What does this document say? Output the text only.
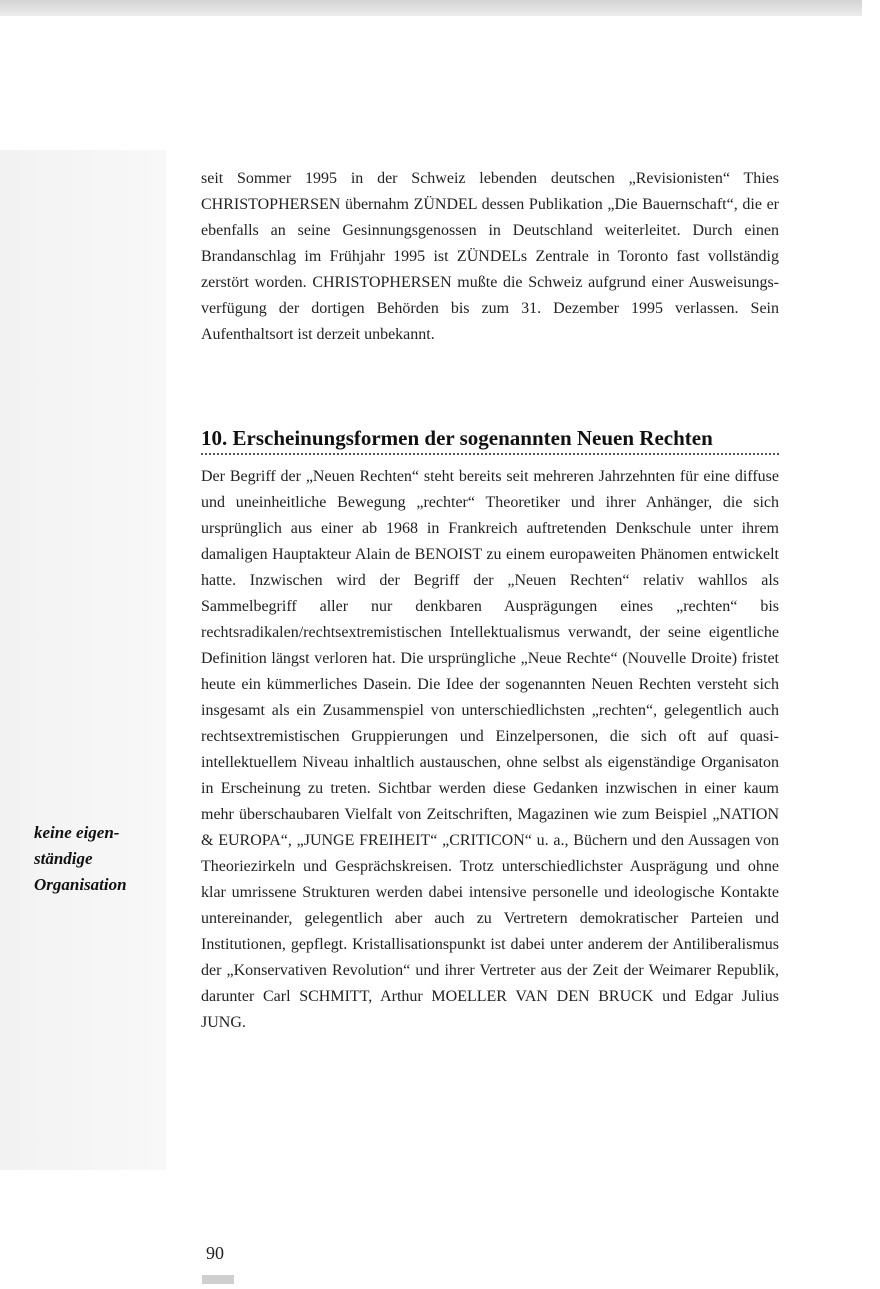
seit Sommer 1995 in der Schweiz lebenden deutschen „Revisionisten“ Thies CHRISTOPHERSEN übernahm ZÜNDEL dessen Publikation „Die Bauernschaft“, die er ebenfalls an seine Gesinnungsgenossen in Deutschland weiterleitet. Durch einen Brandanschlag im Frühjahr 1995 ist ZÜNDELs Zentrale in Toronto fast vollständig zerstört worden. CHRISTOPHERSEN mußte die Schweiz aufgrund einer Ausweisungsverfügung der dortigen Behörden bis zum 31. Dezember 1995 verlassen. Sein Aufenthaltsort ist derzeit unbekannt.

10. Erscheinungsformen der sogenannten Neuen Rechten

Der Begriff der „Neuen Rechten“ steht bereits seit mehreren Jahrzehnten für eine diffuse und uneinheitliche Bewegung „rechter“ Theoretiker und ihrer Anhänger, die sich ursprünglich aus einer ab 1968 in Frankreich auftretenden Denkschule unter ihrem damaligen Hauptakteur Alain de BENOIST zu einem europaweiten Phänomen entwickelt hatte. Inzwischen wird der Begriff der „Neuen Rechten“ relativ wahllos als Sammelbegriff aller nur denkbaren Ausprägungen eines „rechten“ bis rechtsradikalen/rechtsextremistischen Intellektualismus verwandt, der seine eigentliche Definition längst verloren hat. Die ursprüngliche „Neue Rechte“ (Nouvelle Droite) fristet heute ein kümmerliches Dasein. Die Idee der sogenannten Neuen Rechten versteht sich insgesamt als ein Zusammenspiel von unterschiedlichsten „rechten“, gelegentlich auch rechtsextremistischen Gruppierungen und Einzelpersonen, die sich oft auf quasi-intellektuellem Niveau inhaltlich austauschen, ohne selbst als eigenständige Organisaton in Erscheinung zu treten. Sichtbar werden diese Gedanken inzwischen in einer kaum mehr überschaubaren Vielfalt von Zeitschriften, Magazinen wie zum Beispiel „NATION & EUROPA“, „JUNGE FREIHEIT“ „CRITICON“ u. a., Büchern und den Aussagen von Theoriezirkeln und Gesprächskreisen. Trotz unterschiedlichster Ausprägung und ohne klar umrissene Strukturen werden dabei intensive personelle und ideologische Kontakte untereinander, gelegentlich aber auch zu Vertretern demokratischer Parteien und Institutionen, gepflegt. Kristallisationspunkt ist dabei unter anderem der Antiliberalismus der „Konservativen Revolution“ und ihrer Vertreter aus der Zeit der Weimarer Republik, darunter Carl SCHMITT, Arthur MOELLER VAN DEN BRUCK und Edgar Julius JUNG.

keine eigen-
ständige
Organisation
90
